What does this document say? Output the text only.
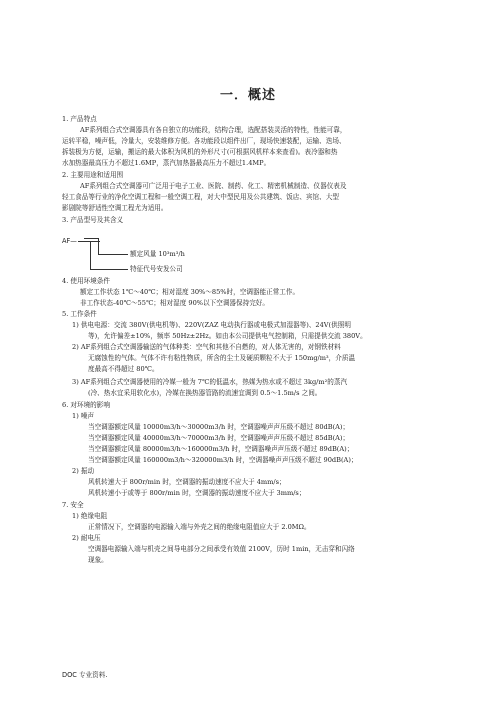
一．概述
1. 产品特点
AF系列组合式空调器具有各自独立的功能段，结构合理，选配搭装灵活的特性，性能可靠，
运转平稳，噪声低，冷量大，安装维修方便。各功能段以组件出厂，现场快速装配，运输、迭场、
拆装极为方便，运输，搬运的最大体积为风机的外形尺寸(可根据风机样本来查看)。表冷器和热
水加热器最高压力不超过1.6MP，蒸汽加热器最高压力不超过1.4MP。
2. 主要用途和适用围
AF系列组合式空调器可广泛用于电子工业、医院、制药、化工、精密机械制造、仪器仪表及
轻工食品等行业的净化空调工程和一般空调工程，对大中型民用及公共建筑、饭店、宾馆、大型
影剧院等舒适性空调工程尤为适用。
3. 产品型号及其含义
AF—
额定风量 10³m³/h
特征代号安发公司
4. 使用环境条件
额定工作状态 1℃～40℃；相对湿度 30%～85%时，空调器能正常工作。
非工作状态-40℃～55℃；相对湿度 90%以下空调器保持完好。
5. 工作条件
1) 供电电源：交流 380V(供电机等)、220V(ZAZ 电动执行器或电极式加湿器等)、24V(供照明
等)，允许偏差±10%，频率 50Hz±2Hz。如由本公司提供电气控制箱，只需提供交流 380V。
2) AF系列组合式空调器输送的气体种类：空气和其他不自燃的，对人体无害的，对钢铁材料
无腐蚀性的气体。气体不许有粘性物质，所含的尘土及硬质颗粒不大于 150mg/m³，介质温
度最高不得超过 80℃。
3) AF系列组合式空调器使用的冷媒一般为 7℃的低温水，热媒为热水或不超过 3kg/m²的蒸汽
(冷、热水宜采用软化水)，冷媒在换热器管路的流速宜调到 0.5～1.5m/s 之间。
6. 对环境的影响
1) 噪声
当空调器额定风量 10000m3/h～30000m3/h 时，空调器噪声声压级不超过 80dB(A)；
当空调器额定风量 40000m3/h～70000m3/h 时，空调器噪声声压级不超过 85dB(A)；
当空调器额定风量 80000m3/h～160000m3/h 时，空调器噪声声压级不超过 89dB(A)；
当空调器额定风量 160000m3/h～320000m3/h 时，空调器噪声声压级不超过 90dB(A)；
2) 振动
风机转速大于 800r/min 时，空调器的振动速度不应大于 4mm/s；
风机转速小于或等于 800r/min 时，空调器的振动速度不应大于 3mm/s；
7. 安全
1) 绝缘电阻
正常情况下，空调器的电源输入端与外壳之间的绝缘电阻值应大于 2.0MΩ。
2) 耐电压
空调器电源输入端与机壳之间导电部分之间承受有效值 2100V，历时 1min，无击穿和闪络
现象。
DOC 专业资料.
